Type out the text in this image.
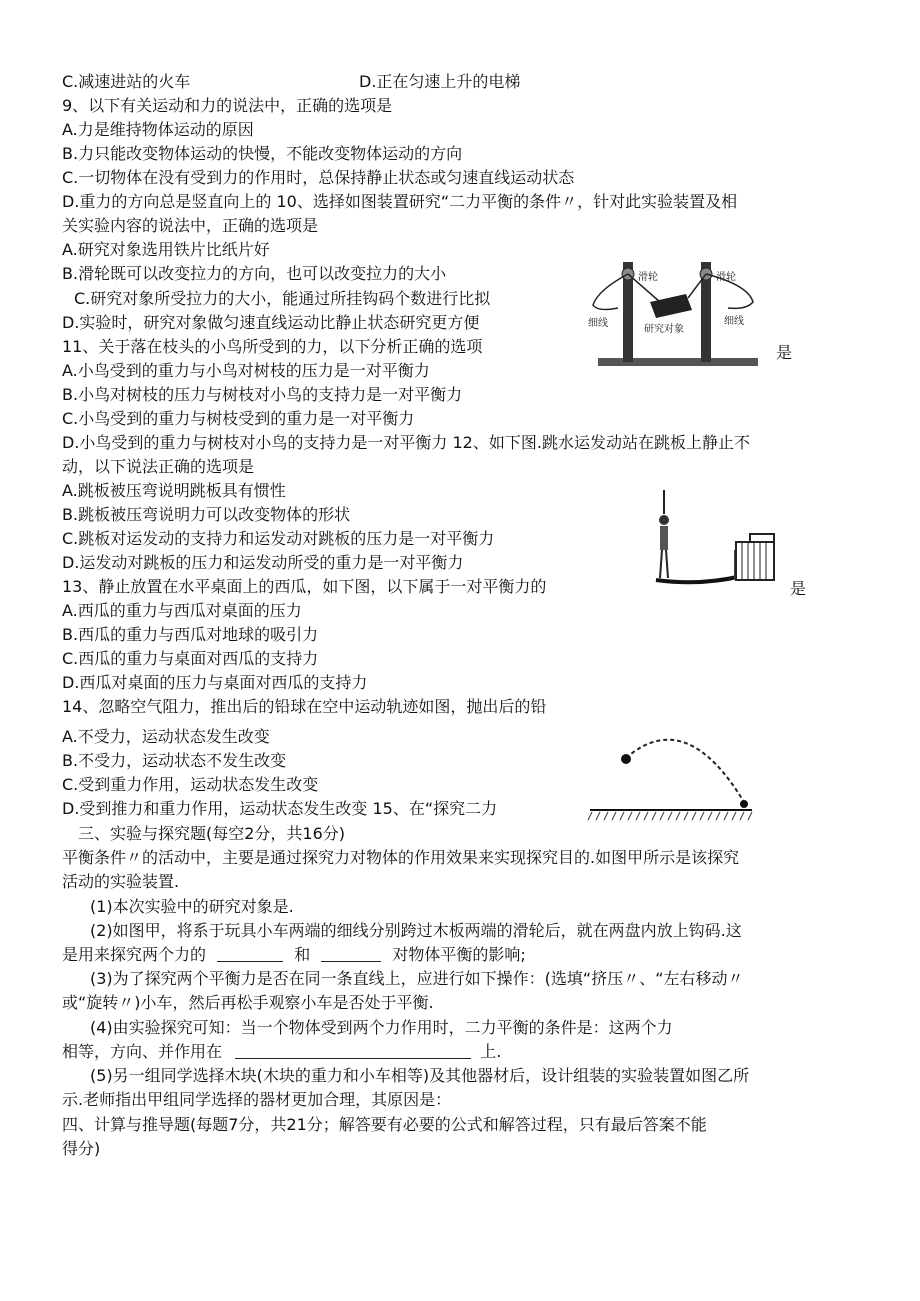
C.减速进站的火车	D.正在匀速上升的电梯
9、以下有关运动和力的说法中，正确的选项是
A.力是维持物体运动的原因
B.力只能改变物体运动的快慢，不能改变物体运动的方向
C.一切物体在没有受到力的作用时，总保持静止状态或匀速直线运动状态
D.重力的方向总是竖直向上的 10、选择如图装置研究“二力平衡的条件〃，针对此实验装置及相
关实验内容的说法中，正确的选项是
A.研究对象选用铁片比纸片好
B.滑轮既可以改变拉力的方向，也可以改变拉力的大小
C.研究对象所受拉力的大小，能通过所挂钩码个数进行比拟
D.实验时，研究对象做匀速直线运动比静止状态研究更方便
滑轮	滑轮
细线	细线
研究对象
11、关于落在枝头的小鸟所受到的力，以下分析正确的选项	是
A.小鸟受到的重力与小鸟对树枝的压力是一对平衡力
B.小鸟对树枝的压力与树枝对小鸟的支持力是一对平衡力
C.小鸟受到的重力与树枝受到的重力是一对平衡力
D.小鸟受到的重力与树枝对小鸟的支持力是一对平衡力 12、如下图.跳水运发动站在跳板上静止不
动，以下说法正确的选项是
A.跳板被压弯说明跳板具有惯性
B.跳板被压弯说明力可以改变物体的形状
C.跳板对运发动的支持力和运发动对跳板的压力是一对平衡力
D.运发动对跳板的压力和运发动所受的重力是一对平衡力
13、静止放置在水平桌面上的西瓜，如下图，以下属于一对平衡力的	是
A.西瓜的重力与西瓜对桌面的压力
B.西瓜的重力与西瓜对地球的吸引力
C.西瓜的重力与桌面对西瓜的支持力
D.西瓜对桌面的压力与桌面对西瓜的支持力
14、忽略空气阻力，推出后的铅球在空中运动轨迹如图，抛出后的铅
A.不受力，运动状态发生改变
B.不受力，运动状态不发生改变
C.受到重力作用，运动状态发生改变
D.受到推力和重力作用，运动状态发生改变 15、在“探究二力
三、实验与探究题(每空2分，共16分)
平衡条件〃的活动中，主要是通过探究力对物体的作用效果来实现探究目的.如图甲所示是该探究
活动的实验装置.
(1)本次实验中的研究对象是.
(2)如图甲，将系于玩具小车两端的细线分别跨过木板两端的滑轮后，就在两盘内放上钩码.这
是用来探究两个力的	和	对物体平衡的影响;
(3)为了探究两个平衡力是否在同一条直线上，应进行如下操作：(选填“挤压〃、“左右移动〃
或“旋转〃)小车，然后再松手观察小车是否处于平衡.
(4)由实验探究可知：当一个物体受到两个力作用时，二力平衡的条件是：这两个力
相等，方向、并作用在	上.
(5)另一组同学选择木块(木块的重力和小车相等)及其他器材后，设计组装的实验装置如图乙所
示.老师指出甲组同学选择的器材更加合理，其原因是：
四、计算与推导题(每题7分，共21分；解答要有必要的公式和解答过程，只有最后答案不能
得分)
